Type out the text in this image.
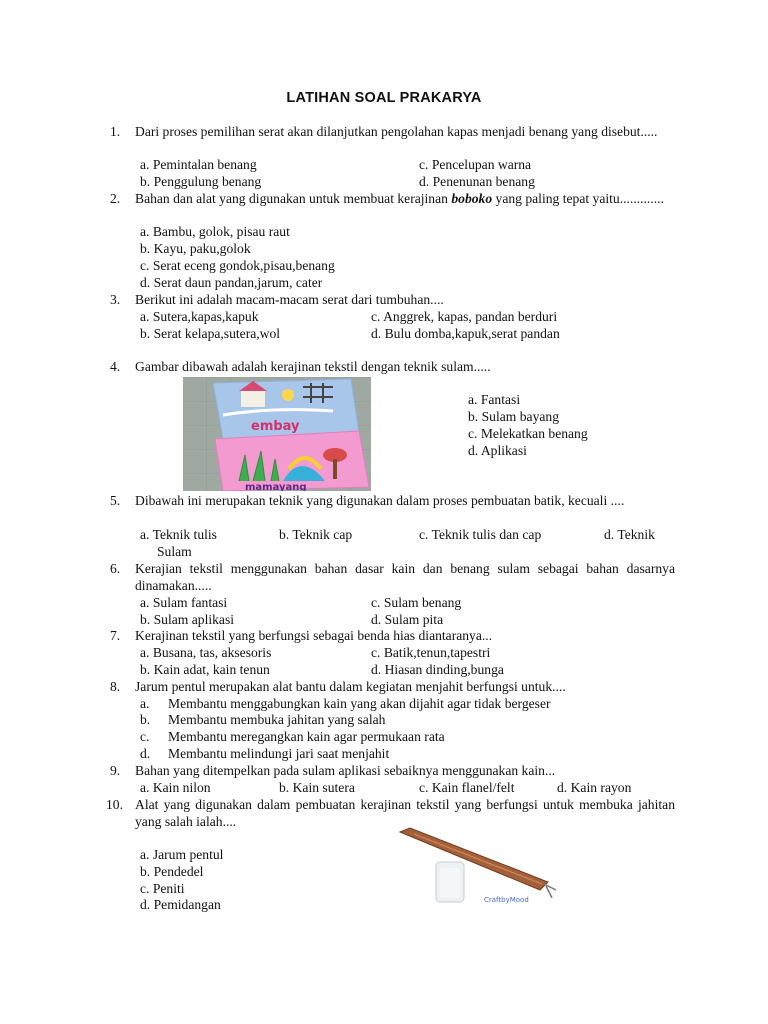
LATIHAN SOAL PRAKARYA
1. Dari proses pemilihan serat akan dilanjutkan pengolahan kapas menjadi benang yang disebut.....
a. Pemintalan benang
b. Penggulung benang
c. Pencelupan warna
d. Penenunan benang
2. Bahan dan alat yang digunakan untuk membuat kerajinan boboko yang paling tepat yaitu.............
a. Bambu, golok, pisau raut
b. Kayu, paku,golok
c. Serat eceng gondok,pisau,benang
d. Serat daun pandan,jarum, cater
3. Berikut ini adalah macam-macam serat dari tumbuhan....
a. Sutera,kapas,kapuk
b. Serat kelapa,sutera,wol
c. Anggrek, kapas, pandan berduri
d. Bulu domba,kapuk,serat pandan
4. Gambar dibawah adalah kerajinan tekstil dengan teknik sulam.....
embay
mamayang
a. Fantasi
b. Sulam bayang
c. Melekatkan benang
d. Aplikasi
5. Dibawah ini merupakan teknik yang digunakan dalam proses pembuatan batik, kecuali ....
a. Teknik tulis	b. Teknik cap	c. Teknik tulis dan cap	d. Teknik
Sulam
6. Kerajian tekstil menggunakan bahan dasar kain dan benang sulam sebagai bahan dasarnya dinamakan.....
a. Sulam fantasi
b. Sulam aplikasi
c. Sulam benang
d. Sulam pita
7. Kerajinan tekstil yang berfungsi sebagai benda hias diantaranya...
a. Busana, tas, aksesoris
b. Kain adat, kain tenun
c. Batik,tenun,tapestri
d. Hiasan dinding,bunga
8. Jarum pentul merupakan alat bantu dalam kegiatan menjahit berfungsi untuk....
a. Membantu menggabungkan kain yang akan dijahit agar tidak bergeser
b. Membantu membuka jahitan yang salah
c. Membantu meregangkan kain agar permukaan rata
d. Membantu melindungi jari saat menjahit
9. Bahan yang ditempelkan pada sulam aplikasi sebaiknya menggunakan kain...
a. Kain nilon	b. Kain sutera	c. Kain flanel/felt	d. Kain rayon
10. Alat yang digunakan dalam pembuatan kerajinan tekstil yang berfungsi untuk membuka jahitan yang salah ialah....
a. Jarum pentul
b. Pendedel
c. Peniti
d. Pemidangan	CraftbyMood
